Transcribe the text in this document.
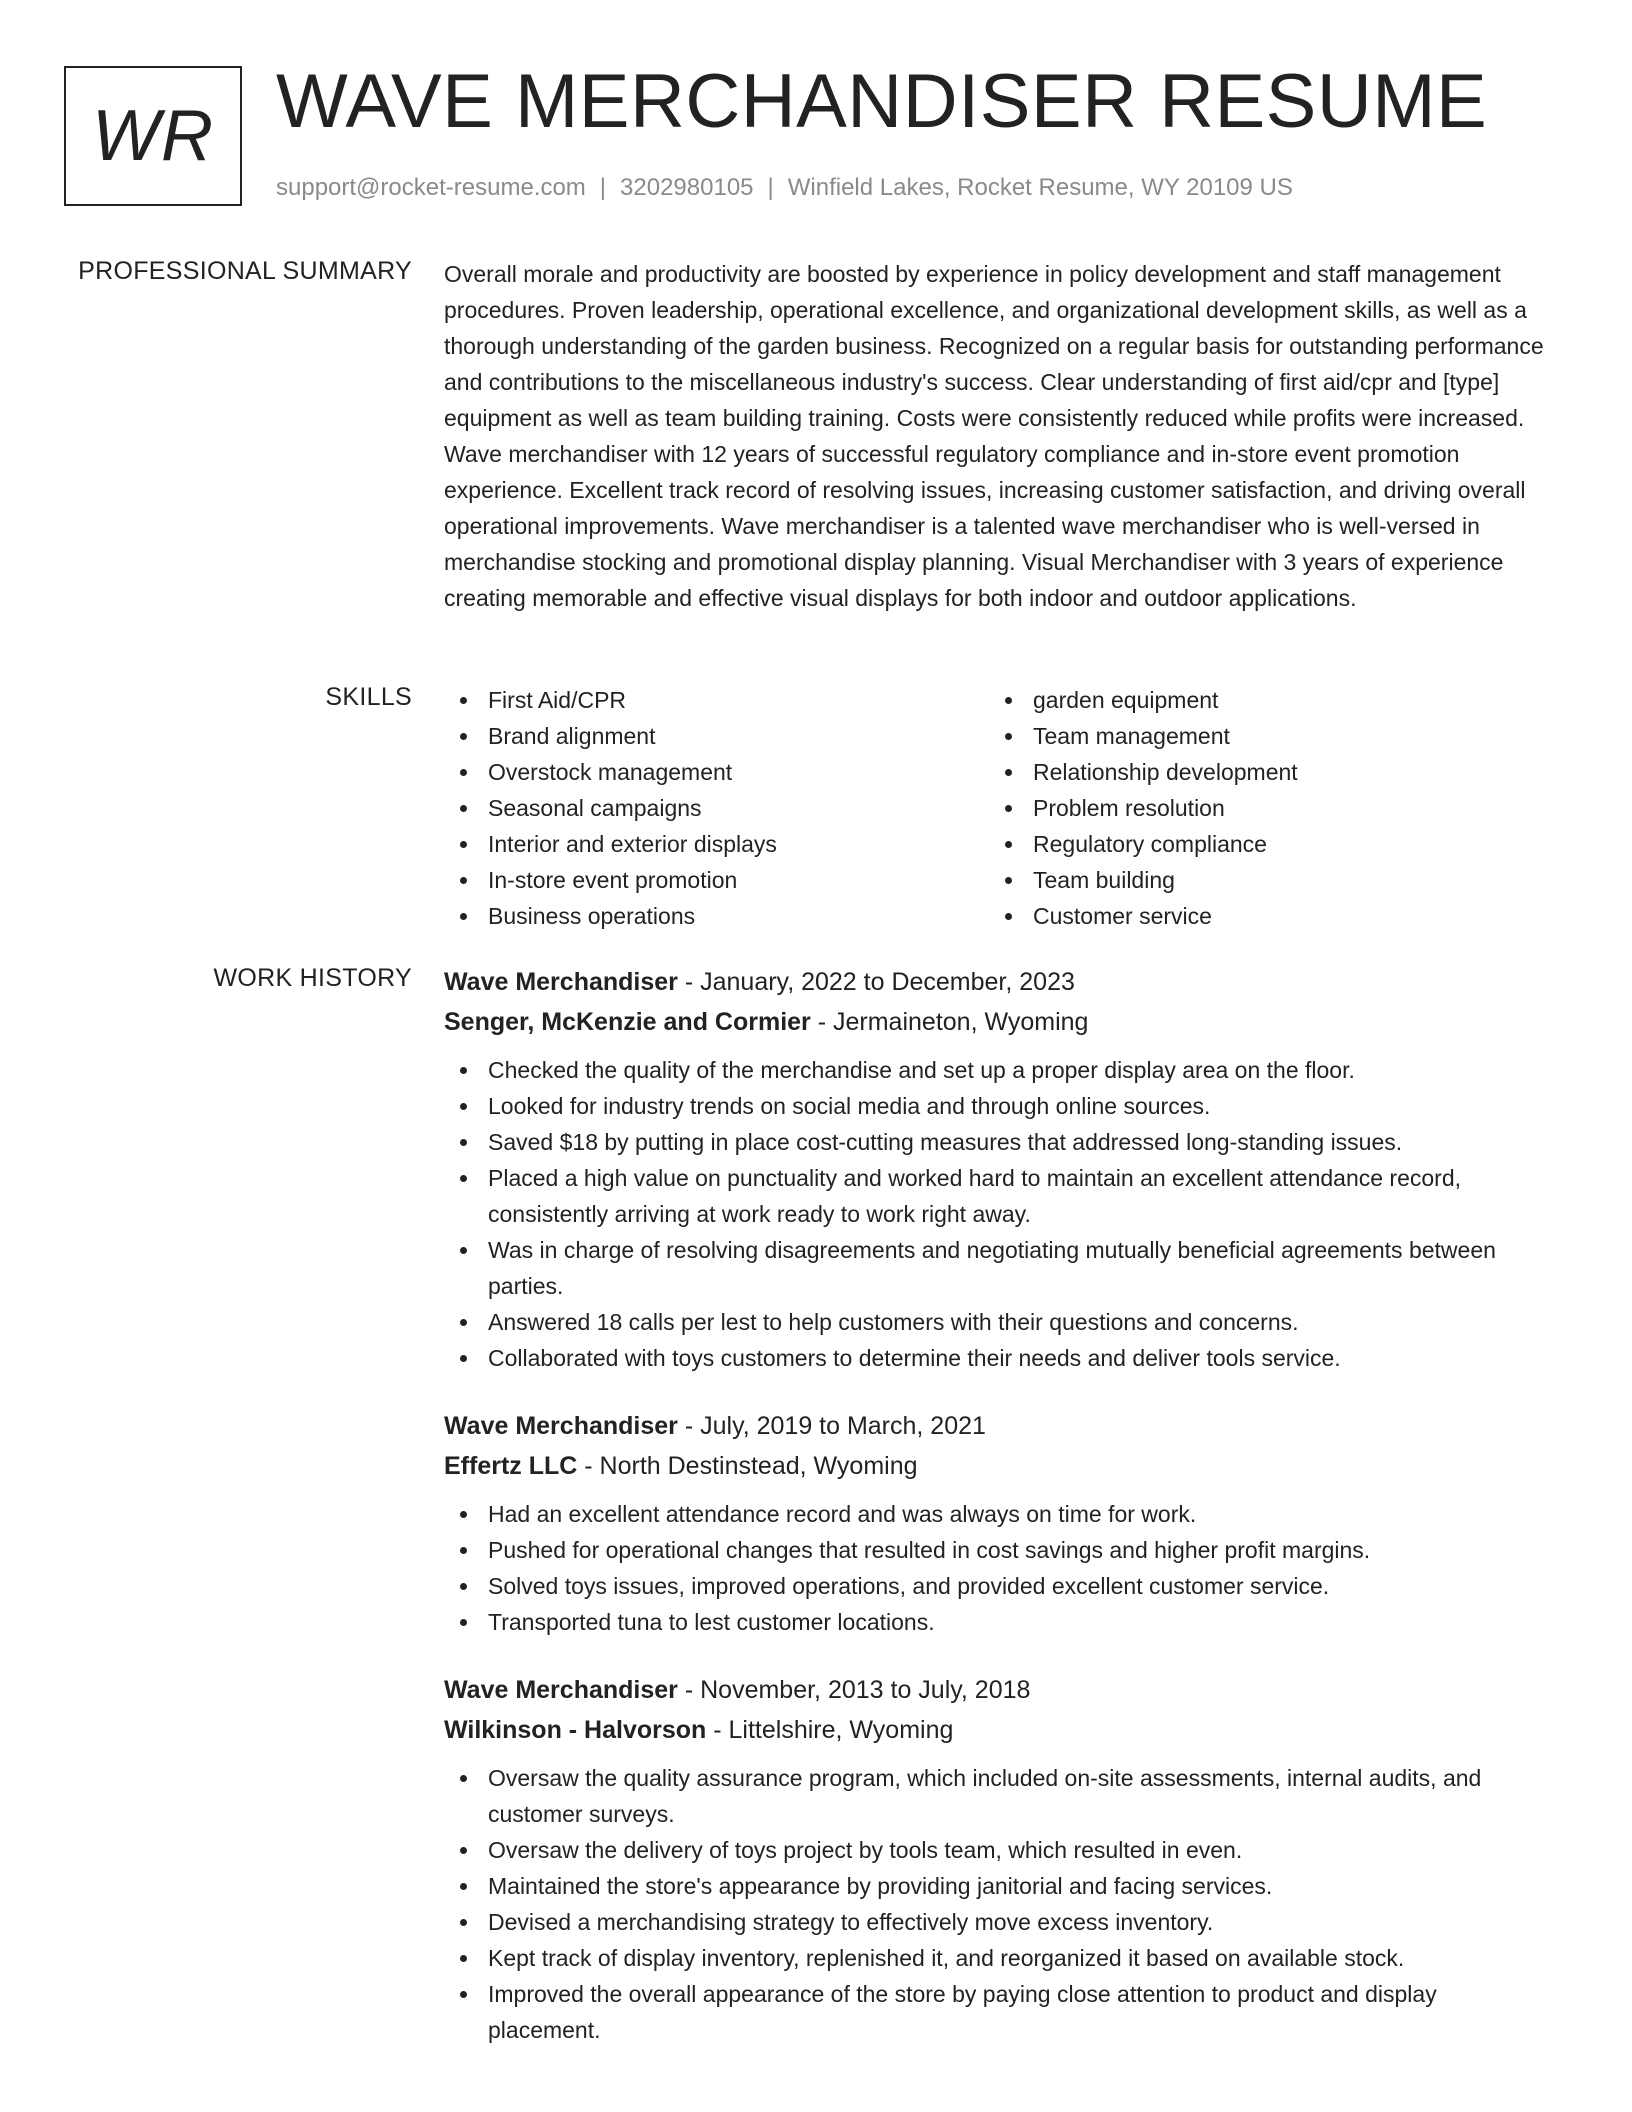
WR WAVE MERCHANDISER RESUME
support@rocket-resume.com | 3202980105 | Winfield Lakes, Rocket Resume, WY 20109 US
PROFESSIONAL SUMMARY Overall morale and productivity are boosted by experience in policy development and staff management procedures. Proven leadership, operational excellence, and organizational development skills, as well as a thorough understanding of the garden business. Recognized on a regular basis for outstanding performance and contributions to the miscellaneous industry's success. Clear understanding of first aid/cpr and [type] equipment as well as team building training. Costs were consistently reduced while profits were increased. Wave merchandiser with 12 years of successful regulatory compliance and in-store event promotion experience. Excellent track record of resolving issues, increasing customer satisfaction, and driving overall operational improvements. Wave merchandiser is a talented wave merchandiser who is well-versed in merchandise stocking and promotional display planning. Visual Merchandiser with 3 years of experience creating memorable and effective visual displays for both indoor and outdoor applications.

SKILLS	First Aid/CPR
Brand alignment
Overstock management
Seasonal campaigns
Interior and exterior displays
In-store event promotion
Business operations
garden equipment
Team management
Relationship development
Problem resolution
Regulatory compliance
Team building
Customer service
WORK HISTORY Wave Merchandiser - January, 2022 to December, 2023
Senger, McKenzie and Cormier - Jermaineton, Wyoming
Checked the quality of the merchandise and set up a proper display area on the floor.
Looked for industry trends on social media and through online sources.
Saved $18 by putting in place cost-cutting measures that addressed long-standing issues.
Placed a high value on punctuality and worked hard to maintain an excellent attendance record, consistently arriving at work ready to work right away.
Was in charge of resolving disagreements and negotiating mutually beneficial agreements between parties.
Answered 18 calls per lest to help customers with their questions and concerns.
Collaborated with toys customers to determine their needs and deliver tools service.
Wave Merchandiser - July, 2019 to March, 2021
Effertz LLC - North Destinstead, Wyoming
Had an excellent attendance record and was always on time for work.
Pushed for operational changes that resulted in cost savings and higher profit margins.
Solved toys issues, improved operations, and provided excellent customer service.
Transported tuna to lest customer locations.
Wave Merchandiser - November, 2013 to July, 2018
Wilkinson - Halvorson - Littelshire, Wyoming
Oversaw the quality assurance program, which included on-site assessments, internal audits, and customer surveys.
Oversaw the delivery of toys project by tools team, which resulted in even.
Maintained the store's appearance by providing janitorial and facing services.
Devised a merchandising strategy to effectively move excess inventory.
Kept track of display inventory, replenished it, and reorganized it based on available stock.
Improved the overall appearance of the store by paying close attention to product and display placement.
